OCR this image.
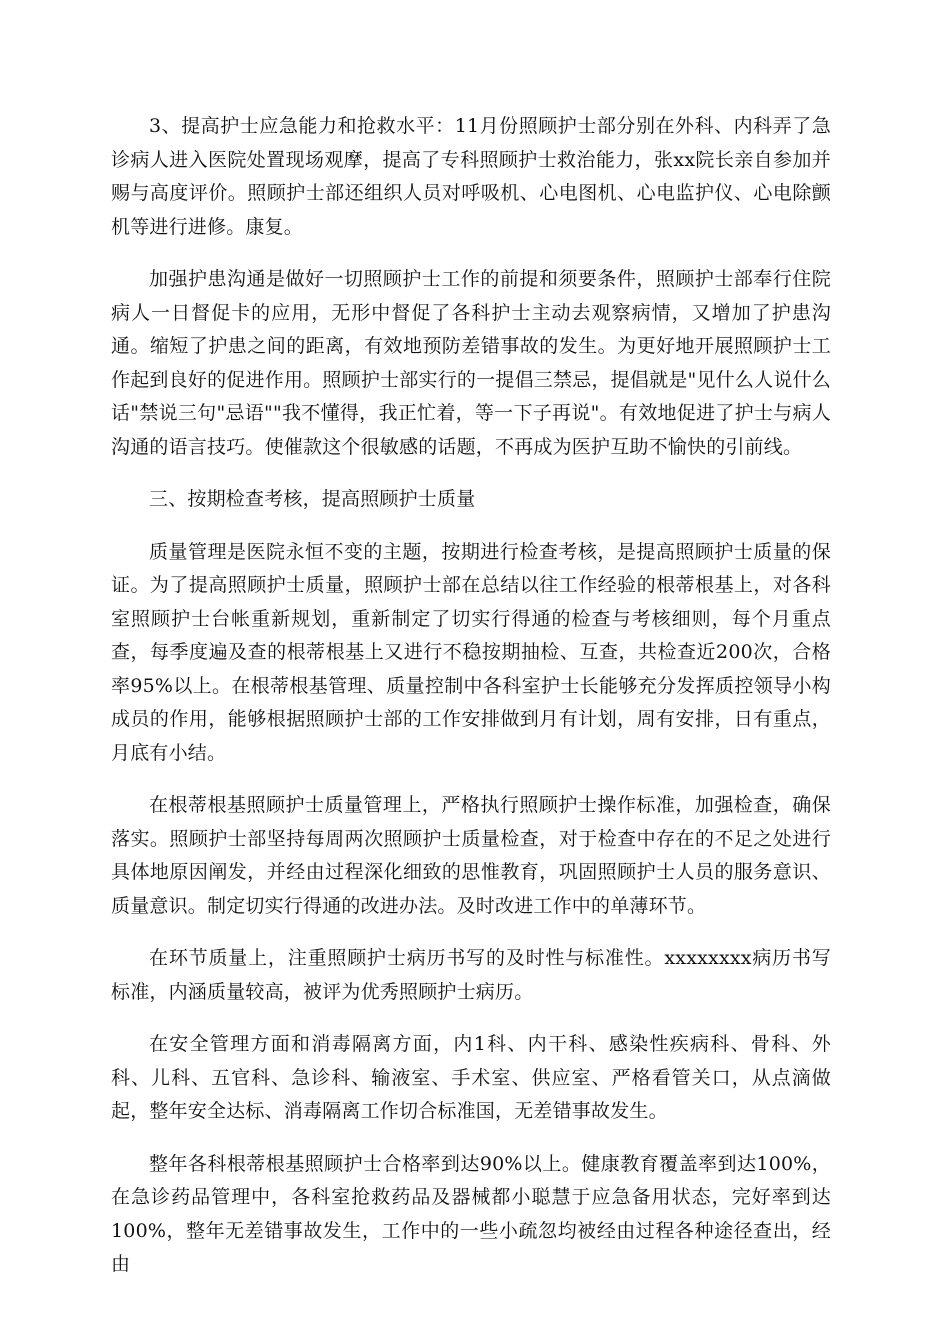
3、提高护士应急能力和抢救水平：11月份照顾护士部分别在外科、内科弄了急诊病人进入医院处置现场观摩，提高了专科照顾护士救治能力，张xx院长亲自参加并赐与高度评价。照顾护士部还组织人员对呼吸机、心电图机、心电监护仪、心电除颤机等进行进修。康复。

加强护患沟通是做好一切照顾护士工作的前提和须要条件，照顾护士部奉行住院病人一日督促卡的应用，无形中督促了各科护士主动去观察病情，又增加了护患沟通。缩短了护患之间的距离，有效地预防差错事故的发生。为更好地开展照顾护士工作起到良好的促进作用。照顾护士部实行的一提倡三禁忌，提倡就是"见什么人说什么话"禁说三句"忌语""我不懂得，我正忙着，等一下子再说"。有效地促进了护士与病人沟通的语言技巧。使催款这个很敏感的话题，不再成为医护互助不愉快的引前线。

三、按期检查考核，提高照顾护士质量

质量管理是医院永恒不变的主题，按期进行检查考核，是提高照顾护士质量的保证。为了提高照顾护士质量，照顾护士部在总结以往工作经验的根蒂根基上，对各科室照顾护士台帐重新规划，重新制定了切实行得通的检查与考核细则，每个月重点查，每季度遍及查的根蒂根基上又进行不稳按期抽检、互查，共检查近200次，合格率95%以上。在根蒂根基管理、质量控制中各科室护士长能够充分发挥质控领导小构成员的作用，能够根据照顾护士部的工作安排做到月有计划，周有安排，日有重点，月底有小结。

在根蒂根基照顾护士质量管理上，严格执行照顾护士操作标准，加强检查，确保落实。照顾护士部坚持每周两次照顾护士质量检查，对于检查中存在的不足之处进行具体地原因阐发，并经由过程深化细致的思惟教育，巩固照顾护士人员的服务意识、质量意识。制定切实行得通的改进办法。及时改进工作中的单薄环节。

在环节质量上，注重照顾护士病历书写的及时性与标准性。xxxxxxxx病历书写标准，内涵质量较高，被评为优秀照顾护士病历。

在安全管理方面和消毒隔离方面，内1科、内干科、感染性疾病科、骨科、外科、儿科、五官科、急诊科、输液室、手术室、供应室、严格看管关口，从点滴做起，整年安全达标、消毒隔离工作切合标准国，无差错事故发生。

整年各科根蒂根基照顾护士合格率到达90%以上。健康教育覆盖率到达100%，在急诊药品管理中，各科室抢救药品及器械都小聪慧于应急备用状态，完好率到达100%，整年无差错事故发生，工作中的一些小疏忽均被经由过程各种途径查出，经由
